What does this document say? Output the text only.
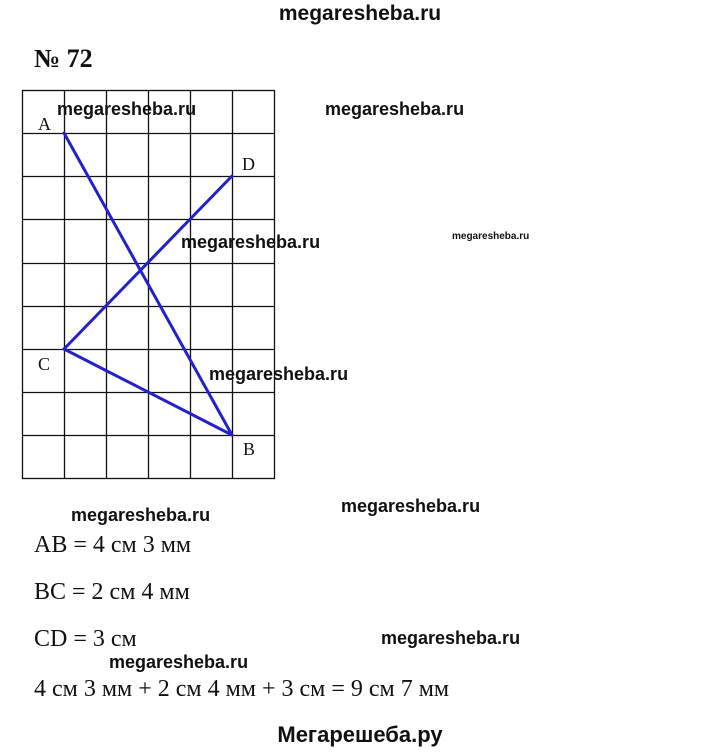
megaresheba.ru
№ 72
A
D
C
B
megaresheba.ru	megaresheba.ru
megaresheba.ru	megaresheba.ru
megaresheba.ru
megaresheba.ru	megaresheba.ru
megaresheba.ru
megaresheba.ru
AB = 4 см 3 мм
BC = 2 см 4 мм
CD = 3 см
4 см 3 мм + 2 см 4 мм + 3 см = 9 см 7 мм
Мегарешеба.ру
